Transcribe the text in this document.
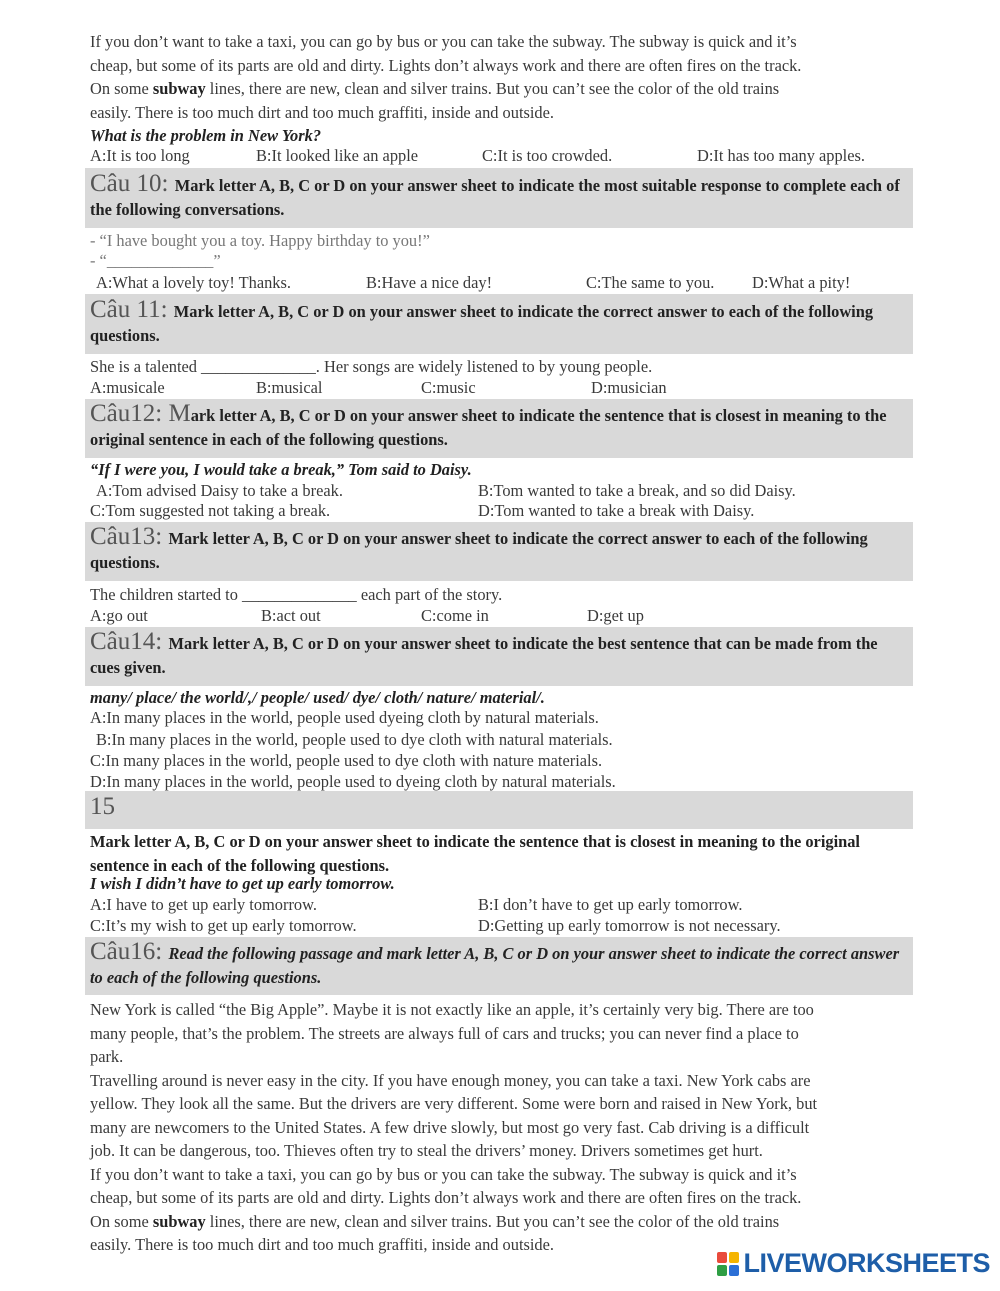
If you don’t want to take a taxi, you can go by bus or you can take the subway. The subway is quick and it’s
cheap, but some of its parts are old and dirty. Lights don’t always work and there are often fires on the track.
On some subway lines, there are new, clean and silver trains. But you can’t see the color of the old trains
easily. There is too much dirt and too much graffiti, inside and outside.
What is the problem in New York?
A:It is too long	B:It looked like an apple	C:It is too crowded.	D:It has too many apples.
Câu 10: Mark letter A, B, C or D on your answer sheet to indicate the most suitable response to complete each of the following conversations.
- “I have bought you a toy. Happy birthday to you!”
- “_____________”
A:What a lovely toy! Thanks.	B:Have a nice day!	C:The same to you. D:What a pity!
Câu 11: Mark letter A, B, C or D on your answer sheet to indicate the correct answer to each of the following questions.
She is a talented ______________. Her songs are widely listened to by young people.
A:musicale	B:musical	C:music	D:musician
Câu12: Mark letter A, B, C or D on your answer sheet to indicate the sentence that is closest in meaning to the original sentence in each of the following questions.
“If I were you, I would take a break,” Tom said to Daisy.
A:Tom advised Daisy to take a break.	B:Tom wanted to take a break, and so did Daisy.
C:Tom suggested not taking a break.	D:Tom wanted to take a break with Daisy.
Câu13: Mark letter A, B, C or D on your answer sheet to indicate the correct answer to each of the following questions.
The children started to ______________ each part of the story.
A:go out	B:act out	C:come in	D:get up
Câu14: Mark letter A, B, C or D on your answer sheet to indicate the best sentence that can be made from the cues given.
many/ place/ the world/,/ people/ used/ dye/ cloth/ nature/ material/.
A:In many places in the world, people used dyeing cloth by natural materials.
B:In many places in the world, people used to dye cloth with natural materials.
C:In many places in the world, people used to dye cloth with nature materials.
D:In many places in the world, people used to dyeing cloth by natural materials.
15
Mark letter A, B, C or D on your answer sheet to indicate the sentence that is closest in meaning to the original sentence in each of the following questions.
I wish I didn’t have to get up early tomorrow.
A:I have to get up early tomorrow.	B:I don’t have to get up early tomorrow.
C:It’s my wish to get up early tomorrow.	D:Getting up early tomorrow is not necessary.
Câu16: Read the following passage and mark letter A, B, C or D on your answer sheet to indicate the correct answer to each of the following questions.
New York is called “the Big Apple”. Maybe it is not exactly like an apple, it’s certainly very big. There are too
many people, that’s the problem. The streets are always full of cars and trucks; you can never find a place to
park.
Travelling around is never easy in the city. If you have enough money, you can take a taxi. New York cabs are
yellow. They look all the same. But the drivers are very different. Some were born and raised in New York, but
many are newcomers to the United States. A few drive slowly, but most go very fast. Cab driving is a difficult
job. It can be dangerous, too. Thieves often try to steal the drivers’ money. Drivers sometimes get hurt.
If you don’t want to take a taxi, you can go by bus or you can take the subway. The subway is quick and it’s
cheap, but some of its parts are old and dirty. Lights don’t always work and there are often fires on the track.
On some subway lines, there are new, clean and silver trains. But you can’t see the color of the old trains
easily. There is too much dirt and too much graffiti, inside and outside.
LIVEWORKSHEETS
